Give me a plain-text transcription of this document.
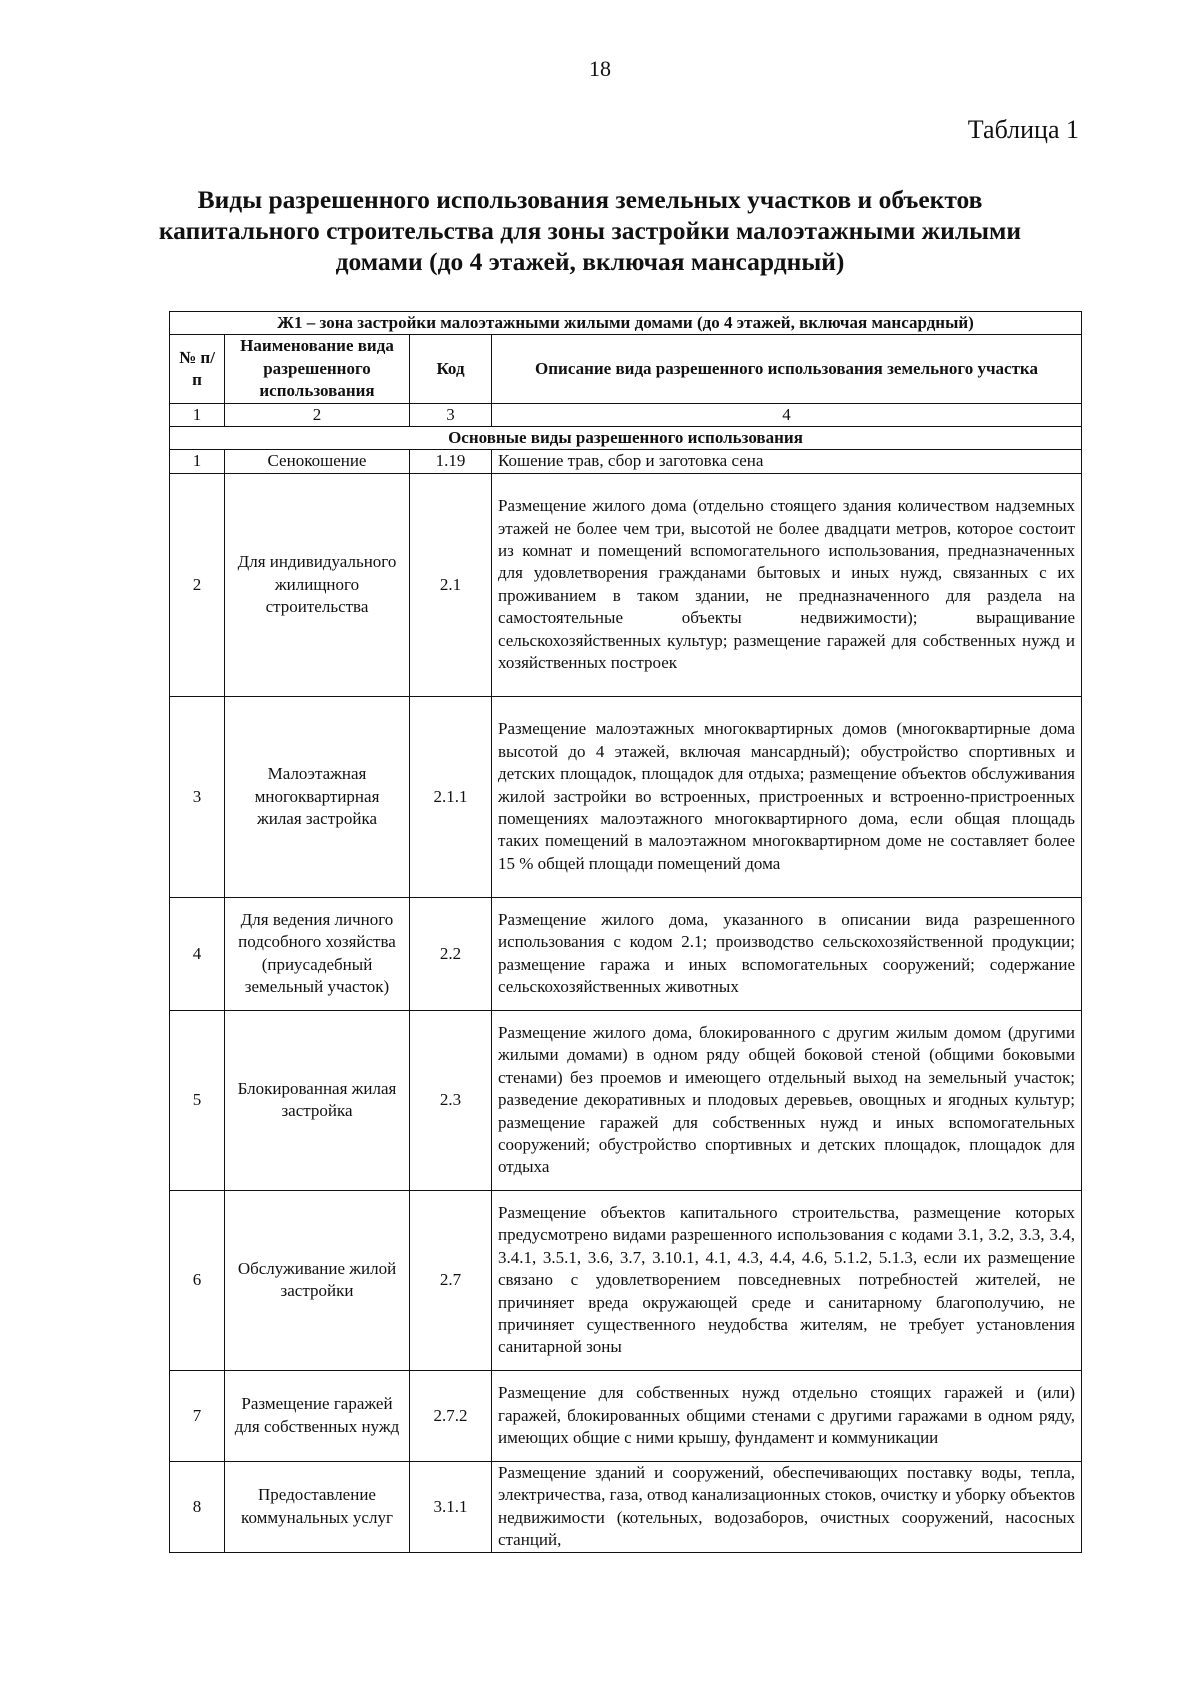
18
Таблица 1
Виды разрешенного использования земельных участков и объектов капитального строительства для зоны застройки малоэтажными жилыми домами (до 4 этажей, включая мансардный)
Ж1 – зона застройки малоэтажными жилыми домами (до 4 этажей, включая мансардный)			
№ п/п	Наименование вида разрешенного использования	Код	Описание вида разрешенного использования земельного участка
1	2	3	4
Основные виды разрешенного использования			
1	Сенокошение	1.19	Кошение трав, сбор и заготовка сена
2	Для индивидуального жилищного строительства	2.1	Размещение жилого дома (отдельно стоящего здания количеством надземных этажей не более чем три, высотой не более двадцати метров, которое состоит из комнат и помещений вспомогательного использования, предназначенных для удовлетворения гражданами бытовых и иных нужд, связанных с их проживанием в таком здании, не предназначенного для раздела на самостоятельные объекты недвижимости); выращивание сельскохозяйственных культур; размещение гаражей для собственных нужд и хозяйственных построек
3	Малоэтажная многоквартирная жилая застройка	2.1.1	Размещение малоэтажных многоквартирных домов (многоквартирные дома высотой до 4 этажей, включая мансардный); обустройство спортивных и детских площадок, площадок для отдыха; размещение объектов обслуживания жилой застройки во встроенных, пристроенных и встроенно-пристроенных помещениях малоэтажного многоквартирного дома, если общая площадь таких помещений в малоэтажном многоквартирном доме не составляет более 15 % общей площади помещений дома
4	Для ведения личного подсобного хозяйства (приусадебный земельный участок)	2.2	Размещение жилого дома, указанного в описании вида разрешенного использования с кодом 2.1; производство сельскохозяйственной продукции; размещение гаража и иных вспомогательных сооружений; содержание сельскохозяйственных животных
5	Блокированная жилая застройка	2.3	Размещение жилого дома, блокированного с другим жилым домом (другими жилыми домами) в одном ряду общей боковой стеной (общими боковыми стенами) без проемов и имеющего отдельный выход на земельный участок; разведение декоративных и плодовых деревьев, овощных и ягодных культур; размещение гаражей для собственных нужд и иных вспомогательных сооружений; обустройство спортивных и детских площадок, площадок для отдыха
6	Обслуживание жилой застройки	2.7	Размещение объектов капитального строительства, размещение которых предусмотрено видами разрешенного использования с кодами 3.1, 3.2, 3.3, 3.4, 3.4.1, 3.5.1, 3.6, 3.7, 3.10.1, 4.1, 4.3, 4.4, 4.6, 5.1.2, 5.1.3, если их размещение связано с удовлетворением повседневных потребностей жителей, не причиняет вреда окружающей среде и санитарному благополучию, не причиняет существенного неудобства жителям, не требует установления санитарной зоны
7	Размещение гаражей для собственных нужд	2.7.2	Размещение для собственных нужд отдельно стоящих гаражей и (или) гаражей, блокированных общими стенами с другими гаражами в одном ряду, имеющих общие с ними крышу, фундамент и коммуникации
8	Предоставление коммунальных услуг	3.1.1	Размещение зданий и сооружений, обеспечивающих поставку воды, тепла, электричества, газа, отвод канализационных стоков, очистку и уборку объектов недвижимости (котельных, водозаборов, очистных сооружений, насосных станций,
